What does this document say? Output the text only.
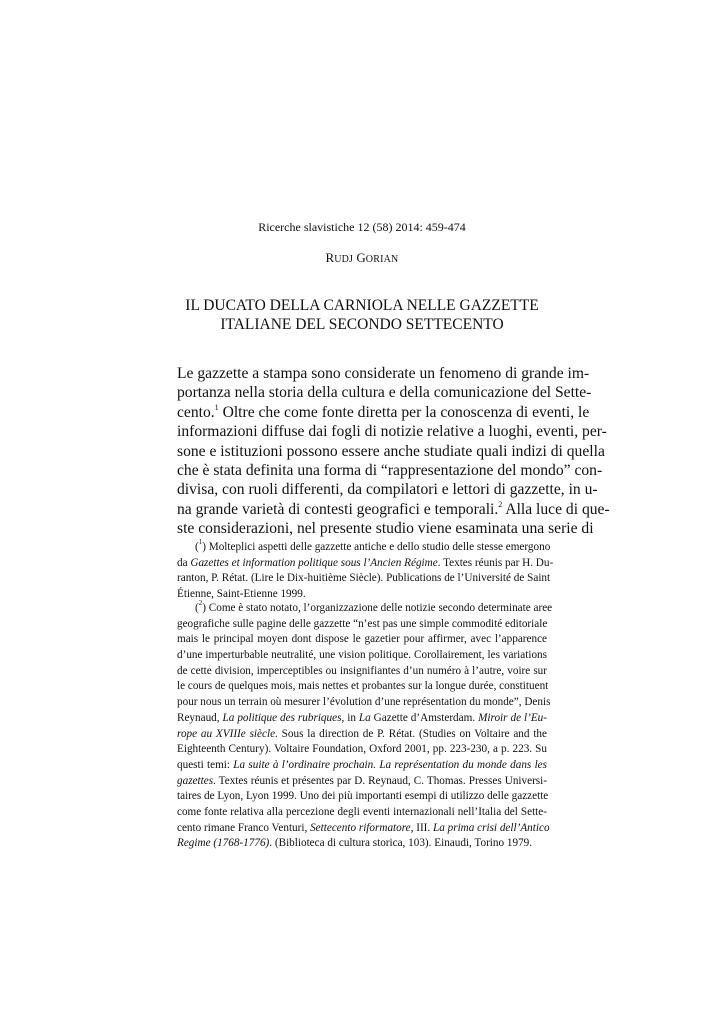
Ricerche slavistiche 12 (58) 2014: 459-474
RUDJ GORIAN
IL DUCATO DELLA CARNIOLA NELLE GAZZETTE
ITALIANE DEL SECONDO SETTECENTO
Le gazzette a stampa sono considerate un fenomeno di grande im-
portanza nella storia della cultura e della comunicazione del Sette-
cento.$^1$ Oltre che come fonte diretta per la conoscenza di eventi, le
informazioni diffuse dai fogli di notizie relative a luoghi, eventi, per-
sone e istituzioni possono essere anche studiate quali indizi di quella
che è stata definita una forma di “rappresentazione del mondo” con-
divisa, con ruoli differenti, da compilatori e lettori di gazzette, in u-
na grande varietà di contesti geografici e temporali.$^2$ Alla luce di que-
ste considerazioni, nel presente studio viene esaminata una serie di
($^1$) Molteplici aspetti delle gazzette antiche e dello studio delle stesse emergono
da Gazettes et information politique sous l’Ancien Régime. Textes réunis par H. Du-
ranton, P. Rétat. (Lire le Dix-huitième Siècle). Publications de l’Université de Saint
Étienne, Saint-Etienne 1999.
($^2$) Come è stato notato, l’organizzazione delle notizie secondo determinate aree
geografiche sulle pagine delle gazzette “n’est pas une simple commodité editoriale
mais le principal moyen dont dispose le gazetier pour affirmer, avec l’apparence
d’une imperturbable neutralité, une vision politique. Corollairement, les variations
de cette division, imperceptibles ou insignifiantes d’un numéro à l’autre, voire sur
le cours de quelques mois, mais nettes et probantes sur la longue durée, constituent
pour nous un terrain où mesurer l’évolution d’une représentation du monde”, Denis
Reynaud, La politique des rubriques, in La Gazette d’Amsterdam. Miroir de l’Eu-
rope au XVIIIe siècle. Sous la direction de P. Rétat. (Studies on Voltaire and the
Eighteenth Century). Voltaire Foundation, Oxford 2001, pp. 223-230, a p. 223. Su
questi temi: La suite à l’ordinaire prochain. La représentation du monde dans les
gazettes. Textes réunis et présentes par D. Reynaud, C. Thomas. Presses Universi-
taires de Lyon, Lyon 1999. Uno dei più importanti esempi di utilizzo delle gazzette
come fonte relativa alla percezione degli eventi internazionali nell’Italia del Sette-
cento rimane Franco Venturi, Settecento riformatore, III. La prima crisi dell’Antico
Regime (1768-1776). (Biblioteca di cultura storica, 103). Einaudi, Torino 1979.
